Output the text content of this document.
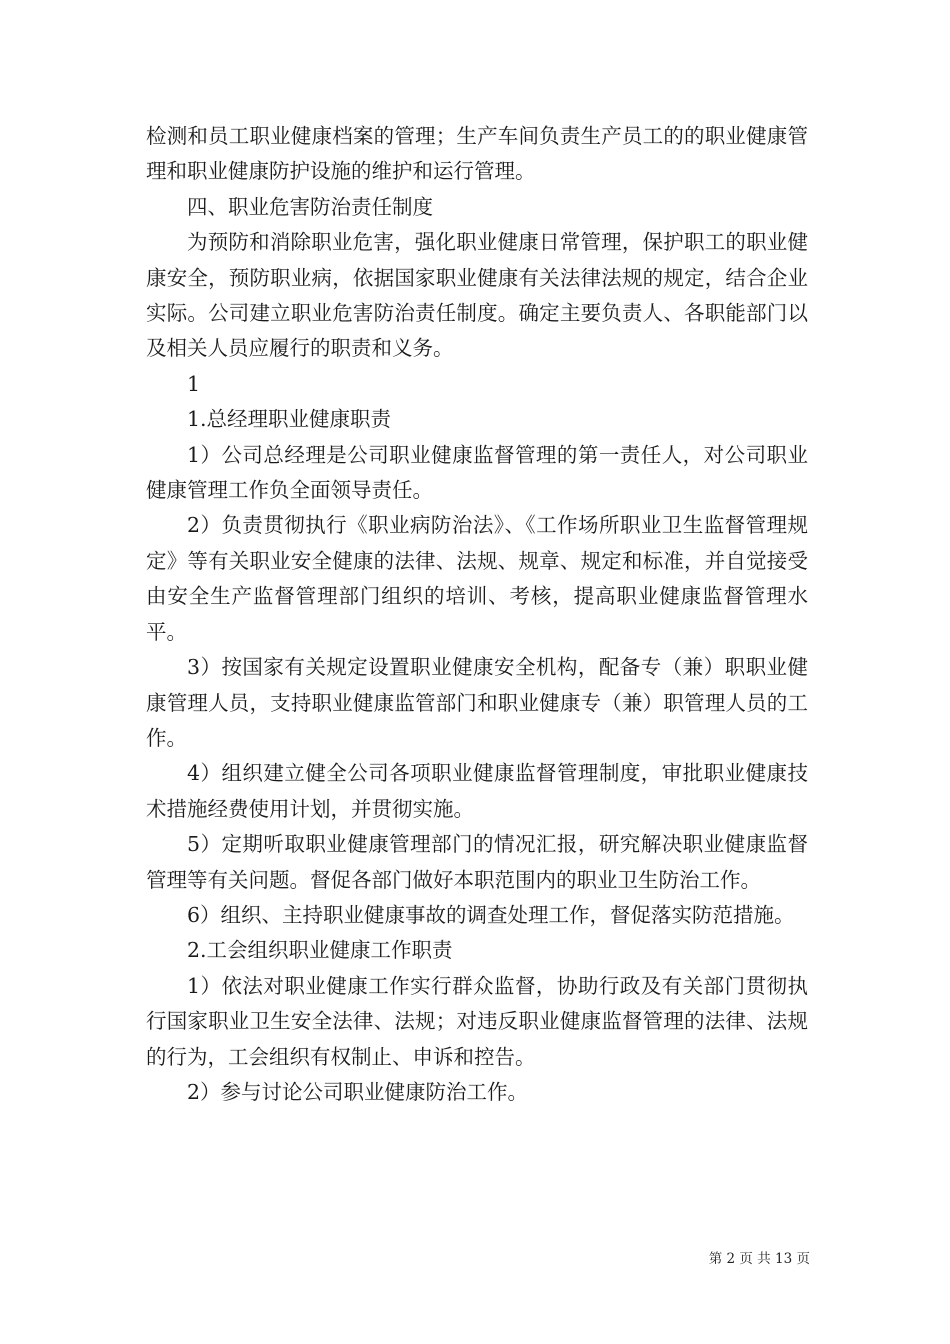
检测和员工职业健康档案的管理；生产车间负责生产员工的的职业健康管理和职业健康防护设施的维护和运行管理。

四、职业危害防治责任制度

为预防和消除职业危害，强化职业健康日常管理，保护职工的职业健康安全，预防职业病，依据国家职业健康有关法律法规的规定，结合企业实际。公司建立职业危害防治责任制度。确定主要负责人、各职能部门以及相关人员应履行的职责和义务。

1

1.总经理职业健康职责

1）公司总经理是公司职业健康监督管理的第一责任人，对公司职业健康管理工作负全面领导责任。

2）负责贯彻执行《职业病防治法》、《工作场所职业卫生监督管理规定》等有关职业安全健康的法律、法规、规章、规定和标准，并自觉接受由安全生产监督管理部门组织的培训、考核，提高职业健康监督管理水平。

3）按国家有关规定设置职业健康安全机构，配备专（兼）职职业健康管理人员，支持职业健康监管部门和职业健康专（兼）职管理人员的工作。

4）组织建立健全公司各项职业健康监督管理制度，审批职业健康技术措施经费使用计划，并贯彻实施。

5）定期听取职业健康管理部门的情况汇报，研究解决职业健康监督管理等有关问题。督促各部门做好本职范围内的职业卫生防治工作。

6）组织、主持职业健康事故的调查处理工作，督促落实防范措施。

2.工会组织职业健康工作职责

1）依法对职业健康工作实行群众监督，协助行政及有关部门贯彻执行国家职业卫生安全法律、法规；对违反职业健康监督管理的法律、法规的行为，工会组织有权制止、申诉和控告。

2）参与讨论公司职业健康防治工作。

第 2 页 共 13 页
